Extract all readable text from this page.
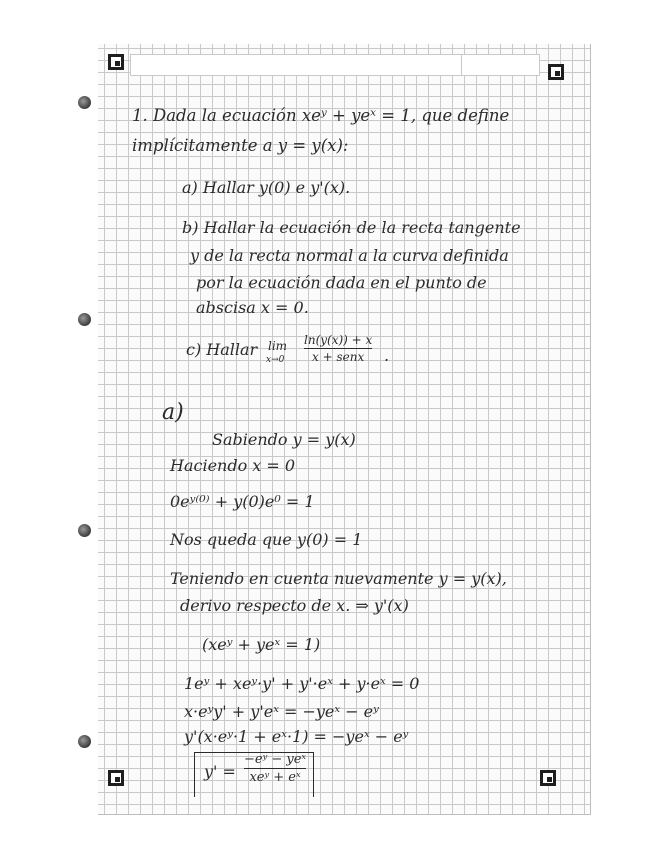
1. Dada la ecuación xeʸ + yeˣ = 1, que define
implícitamente a y = y(x):
a) Hallar y(0) e y'(x).
b) Hallar la ecuación de la recta tangente
y de la recta normal a la curva definida
por la ecuación dada en el punto de
abscisa x = 0.
c) Hallar lim
x→0
ln(y(x)) + x
x + senx	.
a)
Sabiendo y = y(x)
Haciendo x = 0
0eʸ⁽⁰⁾ + y(0)e⁰ = 1
Nos queda que y(0) = 1
Teniendo en cuenta nuevamente y = y(x),
derivo respecto de x. ⇒ y'(x)
(xeʸ + yeˣ = 1)
1eʸ + xeʸ·y' + y'·eˣ + y·eˣ = 0
x·eʸy' + y'eˣ = −yeˣ − eʸ
y'(x·eʸ·1 + eˣ·1) = −yeˣ − eʸ
y' =
−eʸ − yeˣ
xeʸ + eˣ
